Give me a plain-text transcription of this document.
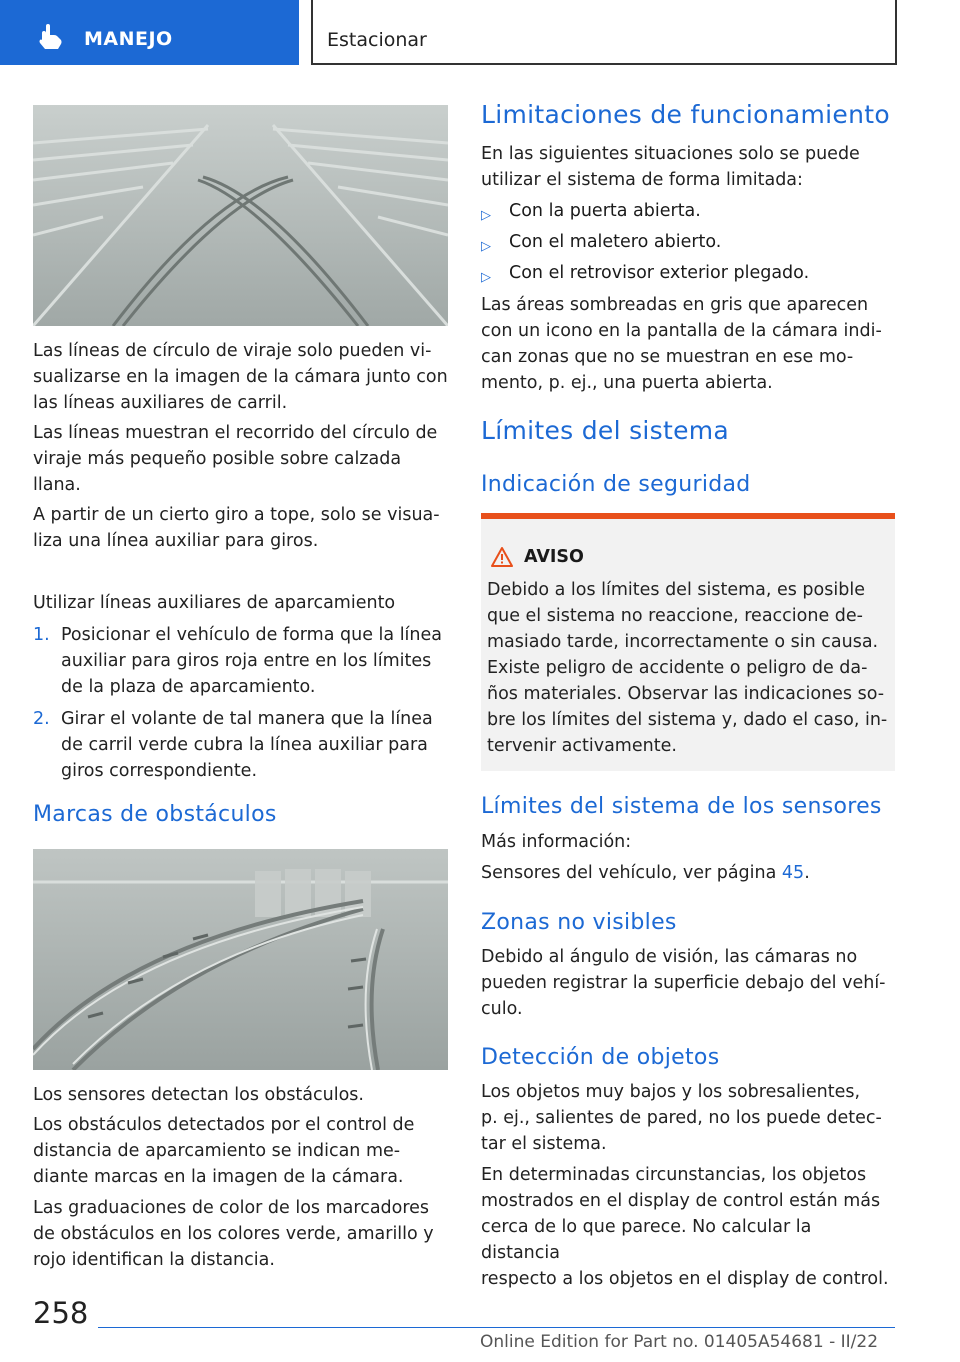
MANEJO	Estacionar

Las líneas de círculo de viraje solo pueden vi-
sualizarse en la imagen de la cámara junto con
las líneas auxiliares de carril.

Las líneas muestran el recorrido del círculo de
viraje más pequeño posible sobre calzada
llana.

A partir de un cierto giro a tope, solo se visua-
liza una línea auxiliar para giros.

Utilizar líneas auxiliares de aparcamiento

1. Posicionar el vehículo de forma que la línea
auxiliar para giros roja entre en los límites
de la plaza de aparcamiento.

2. Girar el volante de tal manera que la línea
de carril verde cubra la línea auxiliar para
giros correspondiente.

Marcas de obstáculos

Los sensores detectan los obstáculos.

Los obstáculos detectados por el control de
distancia de aparcamiento se indican me-
diante marcas en la imagen de la cámara.

Las graduaciones de color de los marcadores
de obstáculos en los colores verde, amarillo y
rojo identifican la distancia.

Limitaciones de funcionamiento

En las siguientes situaciones solo se puede
utilizar el sistema de forma limitada:

▷ Con la puerta abierta.
▷ Con el maletero abierto.
▷ Con el retrovisor exterior plegado.

Las áreas sombreadas en gris que aparecen
con un icono en la pantalla de la cámara indi-
can zonas que no se muestran en ese mo-
mento, p. ej., una puerta abierta.

Límites del sistema
Indicación de seguridad
AVISO

Debido a los límites del sistema, es posible
que el sistema no reaccione, reaccione de-
masiado tarde, incorrectamente o sin causa.
Existe peligro de accidente o peligro de da-
ños materiales. Observar las indicaciones so-
bre los límites del sistema y, dado el caso, in-
tervenir activamente.

Límites del sistema de los sensores

Más información:

Sensores del vehículo, ver página 45.

Zonas no visibles

Debido al ángulo de visión, las cámaras no
pueden registrar la superficie debajo del vehí-
culo.

Detección de objetos

Los objetos muy bajos y los sobresalientes,
p. ej., salientes de pared, no los puede detec-
tar el sistema.

En determinadas circunstancias, los objetos
mostrados en el display de control están más
cerca de lo que parece. No calcular la distancia
respecto a los objetos en el display de control.

258
Online Edition for Part no. 01405A54681 - II/22
